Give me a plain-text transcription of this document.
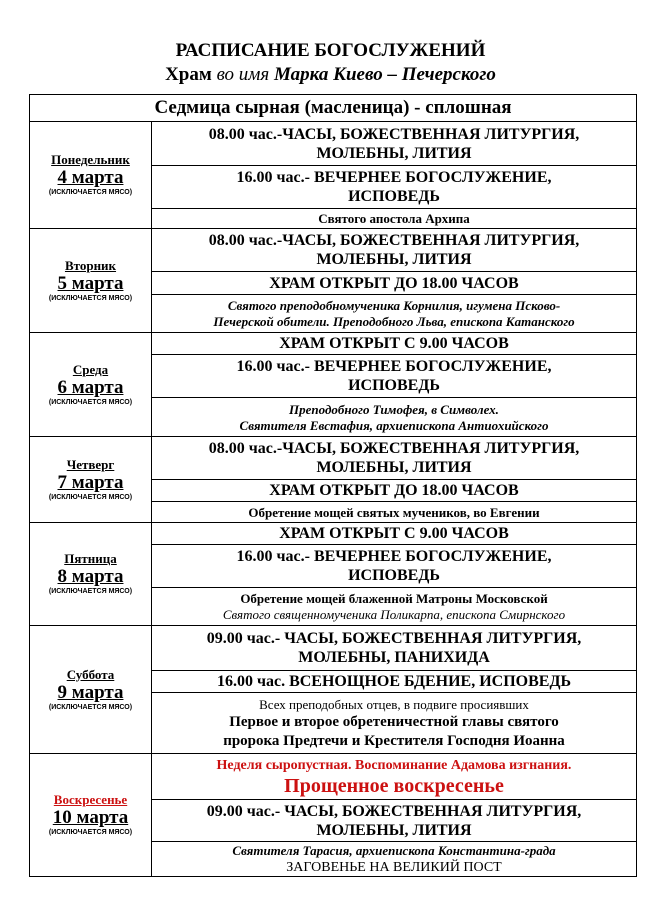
РАСПИСАНИЕ БОГОСЛУЖЕНИЙ
Храм во имя Марка Киево – Печерского
Седмица сырная (масленица) - сплошная
Понедельник
4 марта
(ИСКЛЮЧАЕТСЯ МЯСО)
08.00 час.-ЧАСЫ, БОЖЕСТВЕННАЯ ЛИТУРГИЯ,
МОЛЕБНЫ, ЛИТИЯ
16.00 час.- ВЕЧЕРНЕЕ БОГОСЛУЖЕНИЕ,
ИСПОВЕДЬ
Святого апостола Архипа
Вторник
5 марта
(ИСКЛЮЧАЕТСЯ МЯСО)
08.00 час.-ЧАСЫ, БОЖЕСТВЕННАЯ ЛИТУРГИЯ,
МОЛЕБНЫ, ЛИТИЯ
ХРАМ ОТКРЫТ ДО 18.00 ЧАСОВ
Святого преподобномученика Корнилия, игумена Псково-
Печерской обители. Преподобного Льва, епископа Катанского
Среда
6 марта
(ИСКЛЮЧАЕТСЯ МЯСО)
ХРАМ ОТКРЫТ С 9.00 ЧАСОВ
16.00 час.- ВЕЧЕРНЕЕ БОГОСЛУЖЕНИЕ,
ИСПОВЕДЬ
Преподобного Тимофея, в Символех.
Святителя Евстафия, архиепископа Антиохийского
Четверг
7 марта
(ИСКЛЮЧАЕТСЯ МЯСО)
08.00 час.-ЧАСЫ, БОЖЕСТВЕННАЯ ЛИТУРГИЯ,
МОЛЕБНЫ, ЛИТИЯ
ХРАМ ОТКРЫТ ДО 18.00 ЧАСОВ
Обретение мощей святых мучеников, во Евгении
Пятница
8 марта
(ИСКЛЮЧАЕТСЯ МЯСО)
ХРАМ ОТКРЫТ С 9.00 ЧАСОВ
16.00 час.- ВЕЧЕРНЕЕ БОГОСЛУЖЕНИЕ,
ИСПОВЕДЬ
Обретение мощей блаженной Матроны Московской
Святого священномученика Поликарпа, епископа Смирнского
Суббота
9 марта
(ИСКЛЮЧАЕТСЯ МЯСО)
09.00 час.- ЧАСЫ, БОЖЕСТВЕННАЯ ЛИТУРГИЯ,
МОЛЕБНЫ, ПАНИХИДА
16.00 час. ВСЕНОЩНОЕ БДЕНИЕ, ИСПОВЕДЬ
Всех преподобных отцев, в подвиге просиявших
Первое и второе обретеничестной главы святого
пророка Предтечи и Крестителя Господня Иоанна
Воскресенье
10 марта
(ИСКЛЮЧАЕТСЯ МЯСО)
Неделя сыропустная. Воспоминание Адамова изгнания.
Прощенное воскресенье
09.00 час.- ЧАСЫ, БОЖЕСТВЕННАЯ ЛИТУРГИЯ,
МОЛЕБНЫ, ЛИТИЯ
Святителя Тарасия, архиепископа Константина-града
ЗАГОВЕНЬЕ НА ВЕЛИКИЙ ПОСТ
